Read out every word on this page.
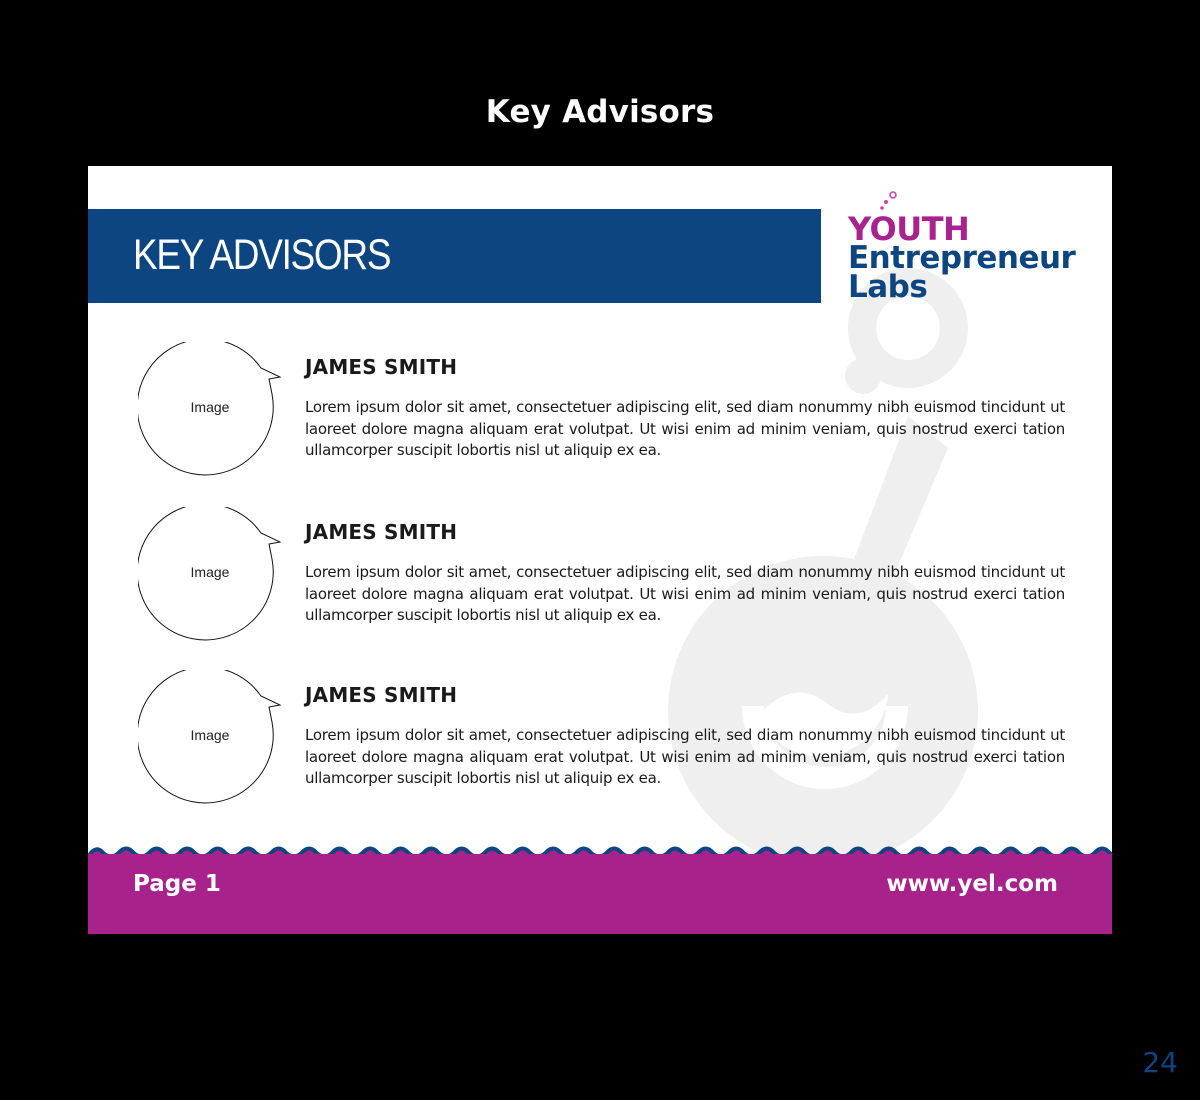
Key Advisors
KEY ADVISORS
YOUTH
Entrepreneur
Labs
Image
JAMES SMITH
Lorem ipsum dolor sit amet, consectetuer adipiscing elit, sed diam nonummy nibh euismod tincidunt ut laoreet dolore magna aliquam erat volutpat. Ut wisi enim ad minim veniam, quis nostrud exerci tation ullamcorper suscipit lobortis nisl ut aliquip ex ea.
Image
JAMES SMITH
Lorem ipsum dolor sit amet, consectetuer adipiscing elit, sed diam nonummy nibh euismod tincidunt ut laoreet dolore magna aliquam erat volutpat. Ut wisi enim ad minim veniam, quis nostrud exerci tation ullamcorper suscipit lobortis nisl ut aliquip ex ea.
Image
JAMES SMITH
Lorem ipsum dolor sit amet, consectetuer adipiscing elit, sed diam nonummy nibh euismod tincidunt ut laoreet dolore magna aliquam erat volutpat. Ut wisi enim ad minim veniam, quis nostrud exerci tation ullamcorper suscipit lobortis nisl ut aliquip ex ea.
Page 1	www.yel.com
24
